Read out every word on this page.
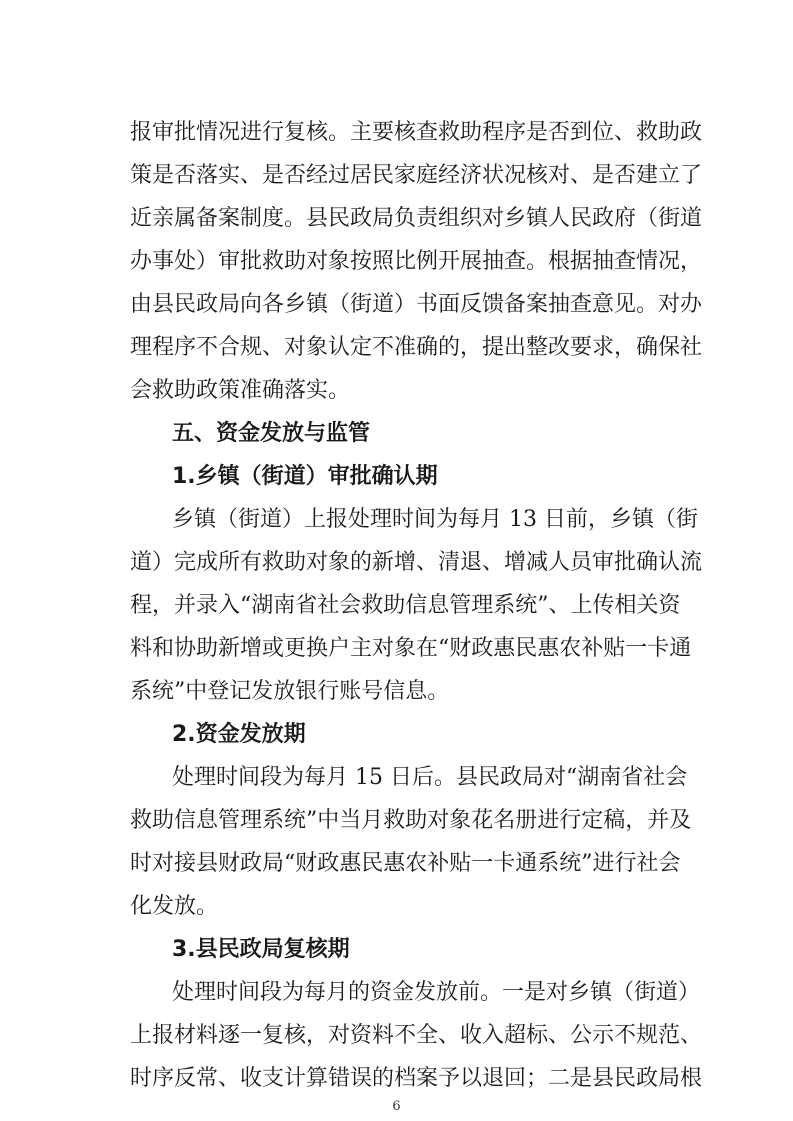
报审批情况进行复核。主要核查救助程序是否到位、救助政
策是否落实、是否经过居民家庭经济状况核对、是否建立了
近亲属备案制度。县民政局负责组织对乡镇人民政府（街道
办事处）审批救助对象按照比例开展抽查。根据抽查情况，
由县民政局向各乡镇（街道）书面反馈备案抽查意见。对办
理程序不合规、对象认定不准确的，提出整改要求，确保社
会救助政策准确落实。
五、资金发放与监管
1.乡镇（街道）审批确认期
乡镇（街道）上报处理时间为每月 13 日前，乡镇（街
道）完成所有救助对象的新增、清退、增减人员审批确认流
程，并录入“湖南省社会救助信息管理系统”、上传相关资
料和协助新增或更换户主对象在“财政惠民惠农补贴一卡通
系统”中登记发放银行账号信息。
2.资金发放期
处理时间段为每月 15 日后。县民政局对“湖南省社会
救助信息管理系统”中当月救助对象花名册进行定稿，并及
时对接县财政局“财政惠民惠农补贴一卡通系统”进行社会
化发放。
3.县民政局复核期
处理时间段为每月的资金发放前。一是对乡镇（街道）
上报材料逐一复核，对资料不全、收入超标、公示不规范、
时序反常、收支计算错误的档案予以退回；二是县民政局根
6
